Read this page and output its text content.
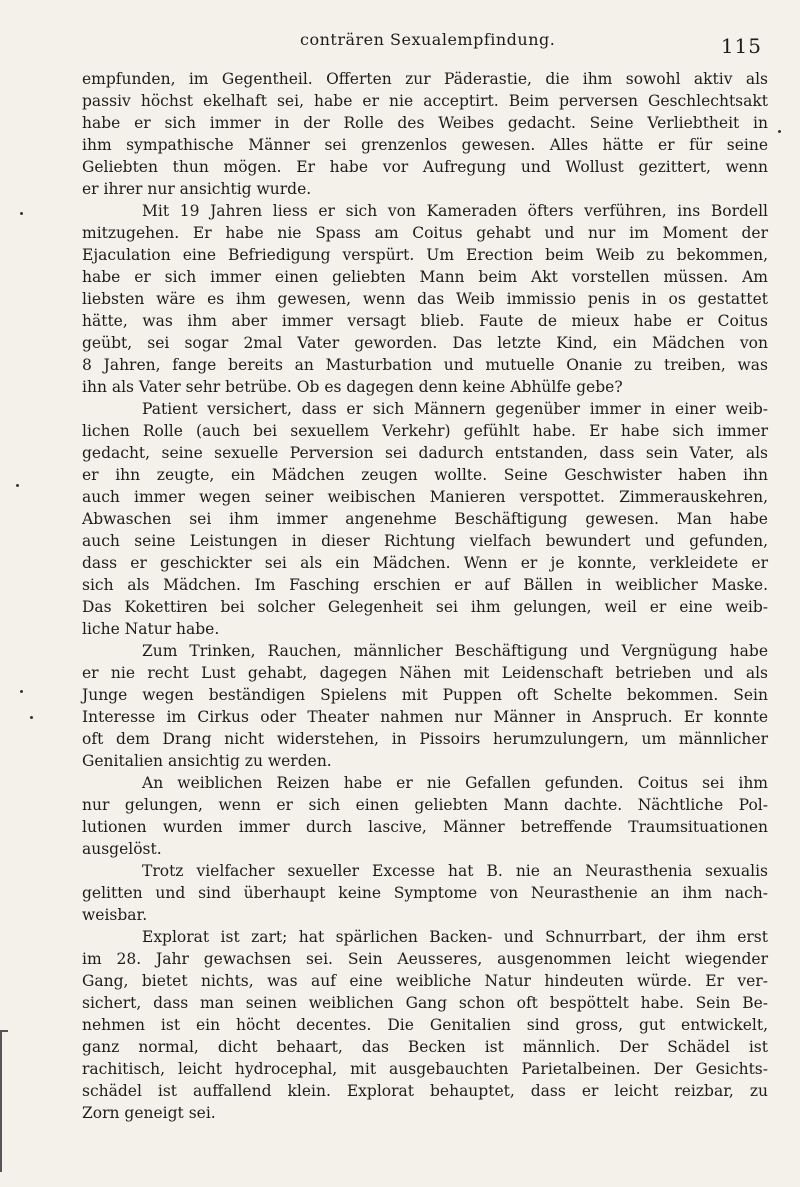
conträren Sexualempfindung.	115

empfunden, im Gegentheil. Offerten zur Päderastie, die ihm sowohl aktiv als
passiv höchst ekelhaft sei, habe er nie acceptirt. Beim perversen Geschlechtsakt
habe er sich immer in der Rolle des Weibes gedacht. Seine Verliebtheit in
ihm sympathische Männer sei grenzenlos gewesen. Alles hätte er für seine
Geliebten thun mögen. Er habe vor Aufregung und Wollust gezittert, wenn
er ihrer nur ansichtig wurde.

Mit 19 Jahren liess er sich von Kameraden öfters verführen, ins Bordell
mitzugehen. Er habe nie Spass am Coitus gehabt und nur im Moment der
Ejaculation eine Befriedigung verspürt. Um Erection beim Weib zu bekommen,
habe er sich immer einen geliebten Mann beim Akt vorstellen müssen. Am
liebsten wäre es ihm gewesen, wenn das Weib immissio penis in os gestattet
hätte, was ihm aber immer versagt blieb. Faute de mieux habe er Coitus
geübt, sei sogar 2mal Vater geworden. Das letzte Kind, ein Mädchen von
8 Jahren, fange bereits an Masturbation und mutuelle Onanie zu treiben, was
ihn als Vater sehr betrübe. Ob es dagegen denn keine Abhülfe gebe?

Patient versichert, dass er sich Männern gegenüber immer in einer weib-
lichen Rolle (auch bei sexuellem Verkehr) gefühlt habe. Er habe sich immer
gedacht, seine sexuelle Perversion sei dadurch entstanden, dass sein Vater, als
er ihn zeugte, ein Mädchen zeugen wollte. Seine Geschwister haben ihn
auch immer wegen seiner weibischen Manieren verspottet. Zimmerauskehren,
Abwaschen sei ihm immer angenehme Beschäftigung gewesen. Man habe
auch seine Leistungen in dieser Richtung vielfach bewundert und gefunden,
dass er geschickter sei als ein Mädchen. Wenn er je konnte, verkleidete er
sich als Mädchen. Im Fasching erschien er auf Bällen in weiblicher Maske.
Das Kokettiren bei solcher Gelegenheit sei ihm gelungen, weil er eine weib-
liche Natur habe.

Zum Trinken, Rauchen, männlicher Beschäftigung und Vergnügung habe
er nie recht Lust gehabt, dagegen Nähen mit Leidenschaft betrieben und als
Junge wegen beständigen Spielens mit Puppen oft Schelte bekommen. Sein
Interesse im Cirkus oder Theater nahmen nur Männer in Anspruch. Er konnte
oft dem Drang nicht widerstehen, in Pissoirs herumzulungern, um männlicher
Genitalien ansichtig zu werden.

An weiblichen Reizen habe er nie Gefallen gefunden. Coitus sei ihm
nur gelungen, wenn er sich einen geliebten Mann dachte. Nächtliche Pol-
lutionen wurden immer durch lascive, Männer betreffende Traumsituationen
ausgelöst.

Trotz vielfacher sexueller Excesse hat B. nie an Neurasthenia sexualis
gelitten und sind überhaupt keine Symptome von Neurasthenie an ihm nach-
weisbar.

Explorat ist zart; hat spärlichen Backen- und Schnurrbart, der ihm erst
im 28. Jahr gewachsen sei. Sein Aeusseres, ausgenommen leicht wiegender
Gang, bietet nichts, was auf eine weibliche Natur hindeuten würde. Er ver-
sichert, dass man seinen weiblichen Gang schon oft bespöttelt habe. Sein Be-
nehmen ist ein höcht decentes. Die Genitalien sind gross, gut entwickelt,
ganz normal, dicht behaart, das Becken ist männlich. Der Schädel ist
rachitisch, leicht hydrocephal, mit ausgebauchten Parietalbeinen. Der Gesichts-
schädel ist auffallend klein. Explorat behauptet, dass er leicht reizbar, zu
Zorn geneigt sei.
